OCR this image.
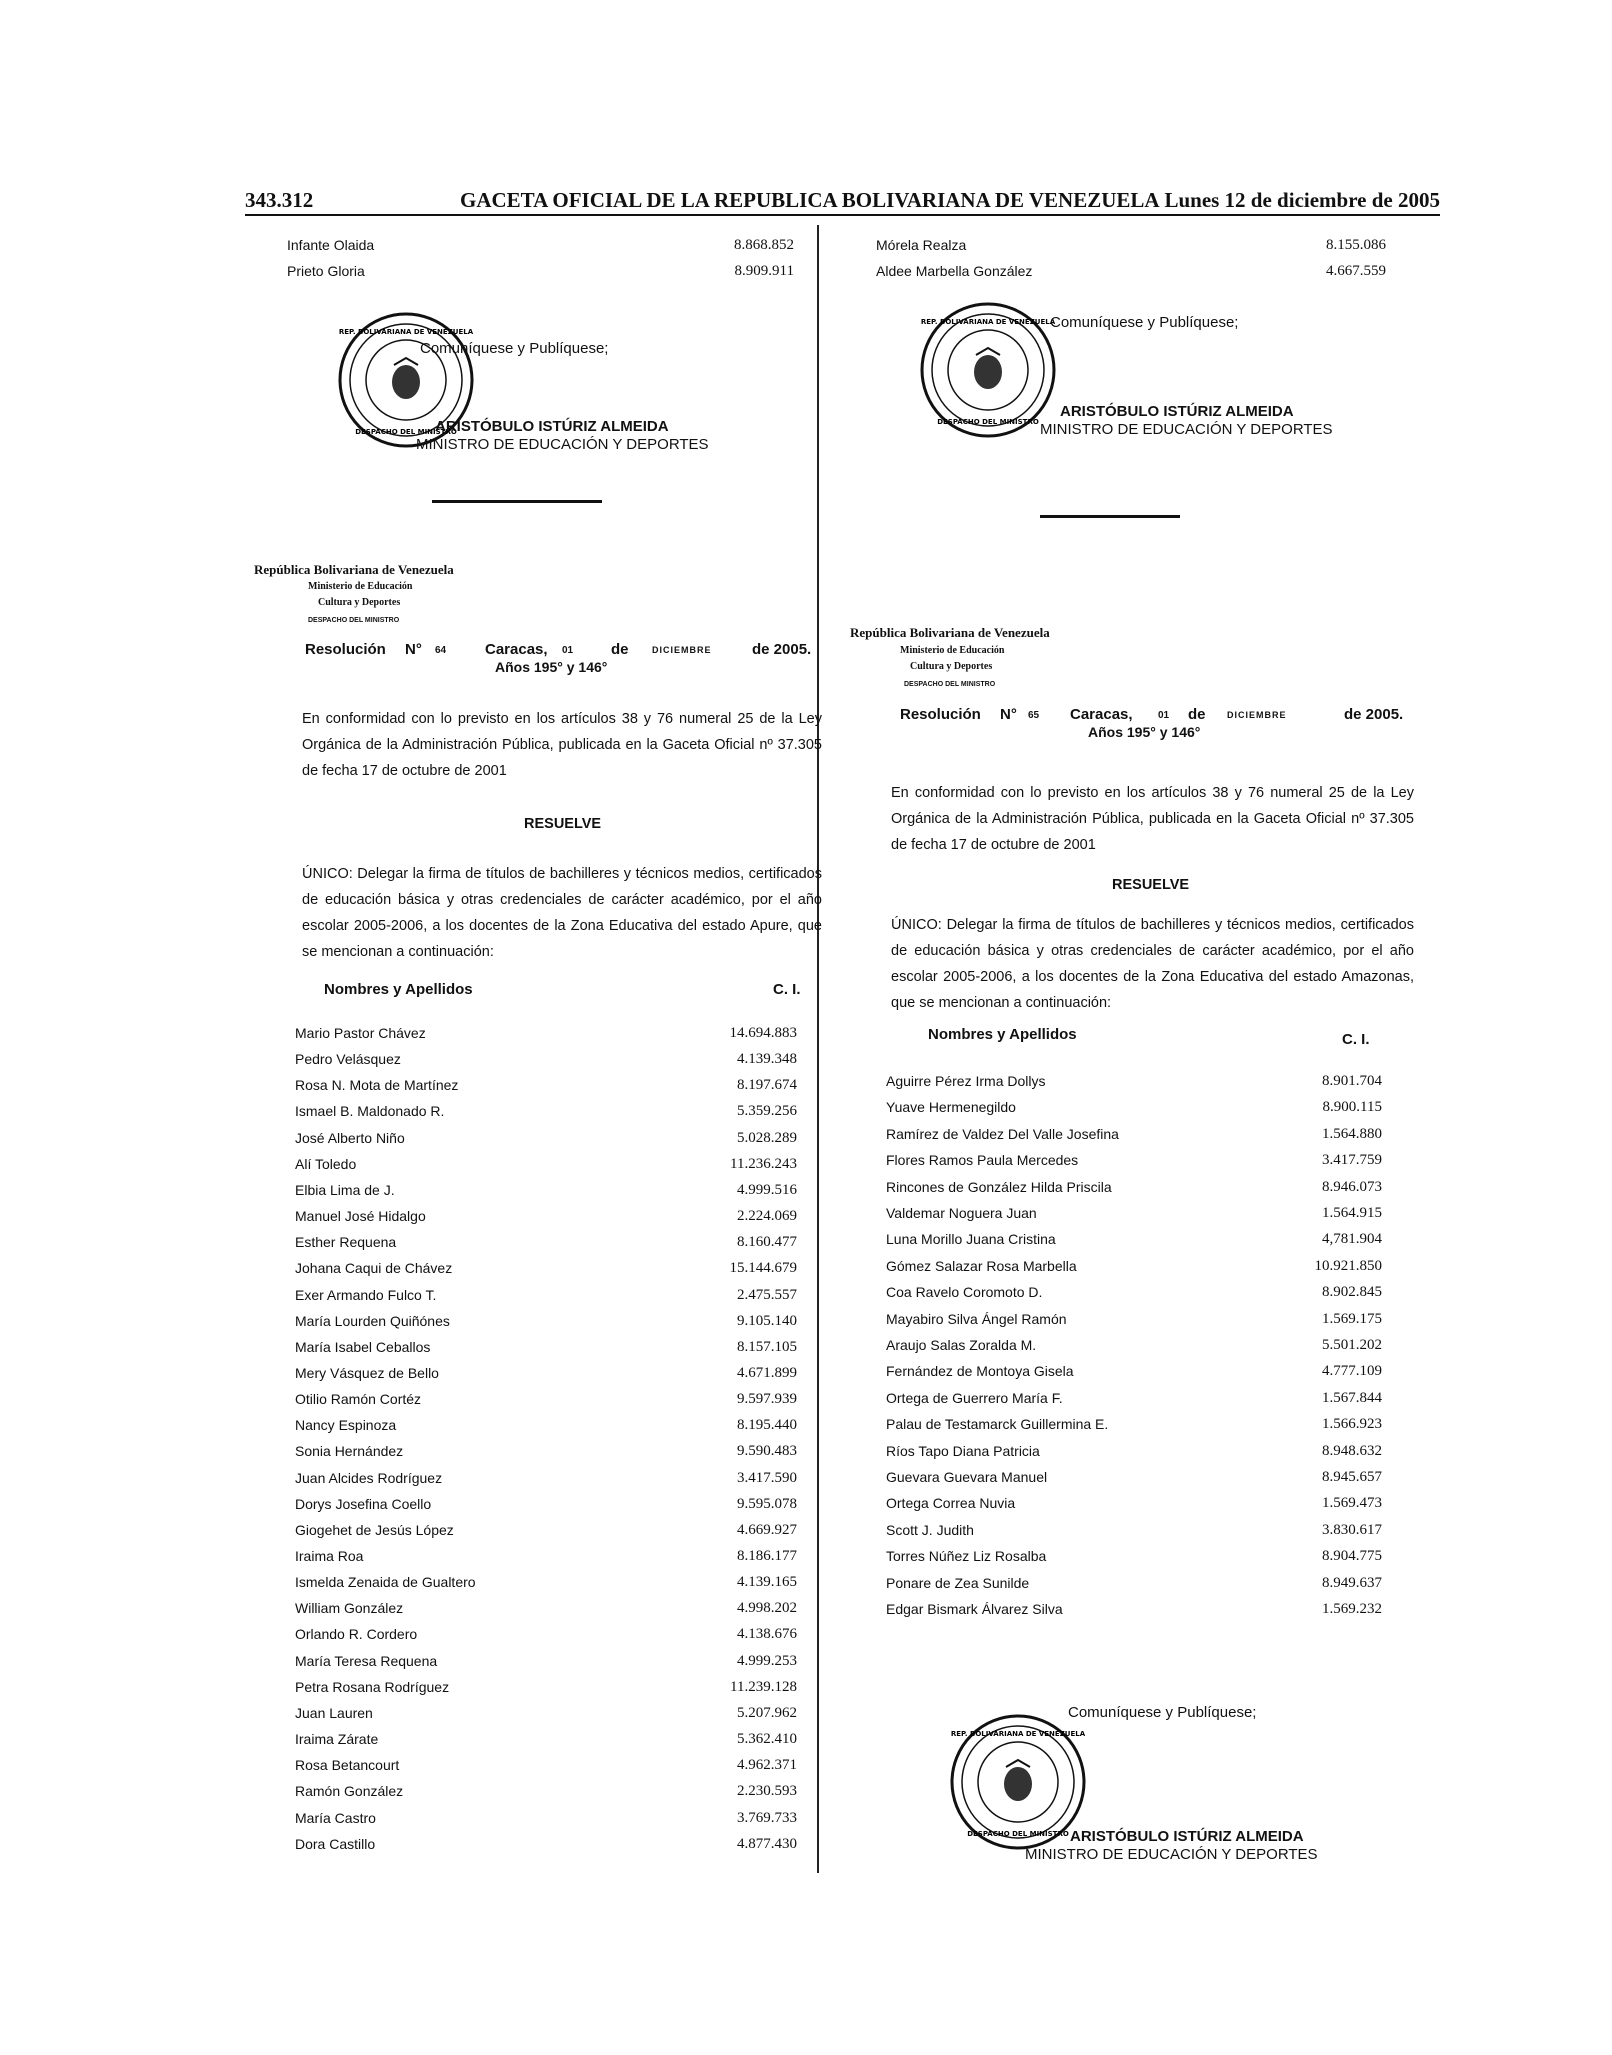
343.312	GACETA OFICIAL DE LA REPUBLICA BOLIVARIANA DE VENEZUELA Lunes 12 de diciembre de 2005
Infante Olaida	8.868.852
Prieto Gloria	8.909.911
REP. BOLIVARIANA DE VENEZUELA
DESPACHO DEL MINISTRO
Comuníquese y Publíquese;
ARISTÓBULO ISTÚRIZ ALMEIDA
MINISTRO DE EDUCACIÓN Y DEPORTES
República Bolivariana de Venezuela
Ministerio de Educación
Cultura y Deportes
DESPACHO DEL MINISTRO
Resolución N° 64	Caracas, 01	de	DICIEMBRE	de 2005.
Años 195° y 146°
En conformidad con lo previsto en los artículos 38 y 76 numeral 25 de la Ley Orgánica de la Administración Pública, publicada en la Gaceta Oficial nº 37.305 de fecha 17 de octubre de 2001
RESUELVE
ÚNICO: Delegar la firma de títulos de bachilleres y técnicos medios, certificados de educación básica y otras credenciales de carácter académico, por el año escolar 2005-2006, a los docentes de la Zona Educativa del estado Apure, que se mencionan a continuación:
Nombres y Apellidos	C. I.
Mario Pastor Chávez	14.694.883
Pedro Velásquez	4.139.348
Rosa N. Mota de Martínez	8.197.674
Ismael B. Maldonado R.	5.359.256
José Alberto Niño	5.028.289
Alí Toledo	11.236.243
Elbia Lima de J.	4.999.516
Manuel José Hidalgo	2.224.069
Esther Requena	8.160.477
Johana Caqui de Chávez	15.144.679
Exer Armando Fulco T.	2.475.557
María Lourden Quiñónes	9.105.140
María Isabel Ceballos	8.157.105
Mery Vásquez de Bello	4.671.899
Otilio Ramón Cortéz	9.597.939
Nancy Espinoza	8.195.440
Sonia Hernández	9.590.483
Juan Alcides Rodríguez	3.417.590
Dorys Josefina Coello	9.595.078
Giogehet de Jesús López	4.669.927
Iraima Roa	8.186.177
Ismelda Zenaida de Gualtero	4.139.165
William González	4.998.202
Orlando R. Cordero	4.138.676
María Teresa Requena	4.999.253
Petra Rosana Rodríguez	11.239.128
Juan Lauren	5.207.962
Iraima Zárate	5.362.410
Rosa Betancourt	4.962.371
Ramón González	2.230.593
María Castro	3.769.733
Dora Castillo	4.877.430
Mórela Realza	8.155.086
Aldee Marbella González	4.667.559
REP. BOLIVARIANA DE VENEZUELA
DESPACHO DEL MINISTRO
Comuníquese y Publíquese;
ARISTÓBULO ISTÚRIZ ALMEIDA
MINISTRO DE EDUCACIÓN Y DEPORTES
República Bolivariana de Venezuela
Ministerio de Educación
Cultura y Deportes
DESPACHO DEL MINISTRO
Resolución N° 65 Caracas,	01 de DICIEMBRE	de 2005.
Años 195° y 146°
En conformidad con lo previsto en los artículos 38 y 76 numeral 25 de la Ley Orgánica de la Administración Pública, publicada en la Gaceta Oficial nº 37.305 de fecha 17 de octubre de 2001
RESUELVE
ÚNICO: Delegar la firma de títulos de bachilleres y técnicos medios, certificados de educación básica y otras credenciales de carácter académico, por el año escolar 2005-2006, a los docentes de la Zona Educativa del estado Amazonas, que se mencionan a continuación:
Nombres y Apellidos	C. I.
Aguirre Pérez Irma Dollys	8.901.704
Yuave Hermenegildo	8.900.115
Ramírez de Valdez Del Valle Josefina	1.564.880
Flores Ramos Paula Mercedes	3.417.759
Rincones de González Hilda Priscila	8.946.073
Valdemar Noguera Juan	1.564.915
Luna Morillo Juana Cristina	4,781.904
Gómez Salazar Rosa Marbella	10.921.850
Coa Ravelo Coromoto D.	8.902.845
Mayabiro Silva Ángel Ramón	1.569.175
Araujo Salas Zoralda M.	5.501.202
Fernández de Montoya Gisela	4.777.109
Ortega de Guerrero María F.	1.567.844
Palau de Testamarck Guillermina E.	1.566.923
Ríos Tapo Diana Patricia	8.948.632
Guevara Guevara Manuel	8.945.657
Ortega Correa Nuvia	1.569.473
Scott J. Judith	3.830.617
Torres Núñez Liz Rosalba	8.904.775
Ponare de Zea Sunilde	8.949.637
Edgar Bismark Álvarez Silva	1.569.232
REP. BOLIVARIANA DE VENEZUELA
DESPACHO DEL MINISTRO
Comuníquese y Publíquese;
ARISTÓBULO ISTÚRIZ ALMEIDA
MINISTRO DE EDUCACIÓN Y DEPORTES
